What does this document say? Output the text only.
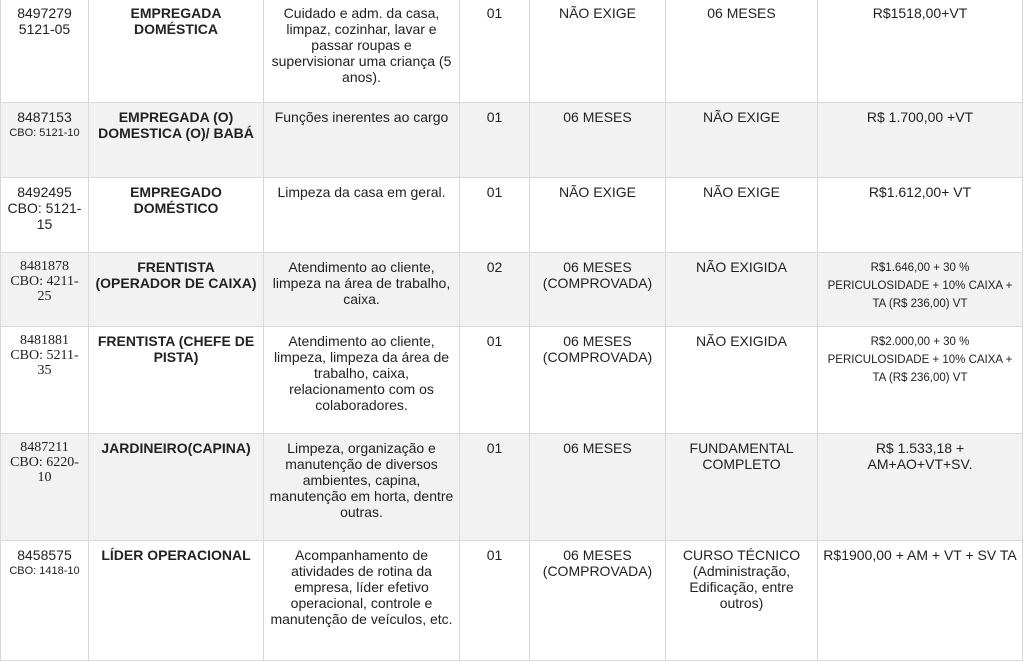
8497279
5121-05	EMPREGADA DOMÉSTICA	Cuidado e adm. da casa, limpaz, cozinhar, lavar e passar roupas e supervisionar uma criança (5 anos).	01	NÃO EXIGE	06 MESES	R$1518,00+VT

8487153
CBO: 5121-10	EMPREGADA (O) DOMESTICA (O)/ BABÁ	Funções inerentes ao cargo	01	06 MESES	NÃO EXIGE	R$ 1.700,00 +VT

8492495
CBO: 5121-15	EMPREGADO DOMÉSTICO	Limpeza da casa em geral.	01	NÃO EXIGE	NÃO EXIGE	R$1.612,00+ VT

8481878
CBO: 4211-25	FRENTISTA (OPERADOR DE CAIXA)	Atendimento ao cliente, limpeza na área de trabalho, caixa.	02	06 MESES (COMPROVADA)	NÃO EXIGIDA	R$1.646,00 + 30 % PERICULOSIDADE + 10% CAIXA + TA (R$ 236,00) VT

8481881
CBO: 5211-35	FRENTISTA (CHEFE DE PISTA)	Atendimento ao cliente, limpeza, limpeza da área de trabalho, caixa, relacionamento com os colaboradores.	01	06 MESES (COMPROVADA)	NÃO EXIGIDA	R$2.000,00 + 30 % PERICULOSIDADE + 10% CAIXA + TA (R$ 236,00) VT

8487211
CBO: 6220-10	JARDINEIRO(CAPINA)	Limpeza, organização e manutenção de diversos ambientes, capina, manutenção em horta, dentre outras.	01	06 MESES	FUNDAMENTAL COMPLETO	R$ 1.533,18 + AM+AO+VT+SV.

8458575
CBO: 1418-10	LÍDER OPERACIONAL	Acompanhamento de atividades de rotina da empresa, líder efetivo operacional, controle e manutenção de veículos, etc.	01	06 MESES (COMPROVADA)	CURSO TÉCNICO (Administração, Edificação, entre outros)	R$1900,00 + AM + VT + SV TA
